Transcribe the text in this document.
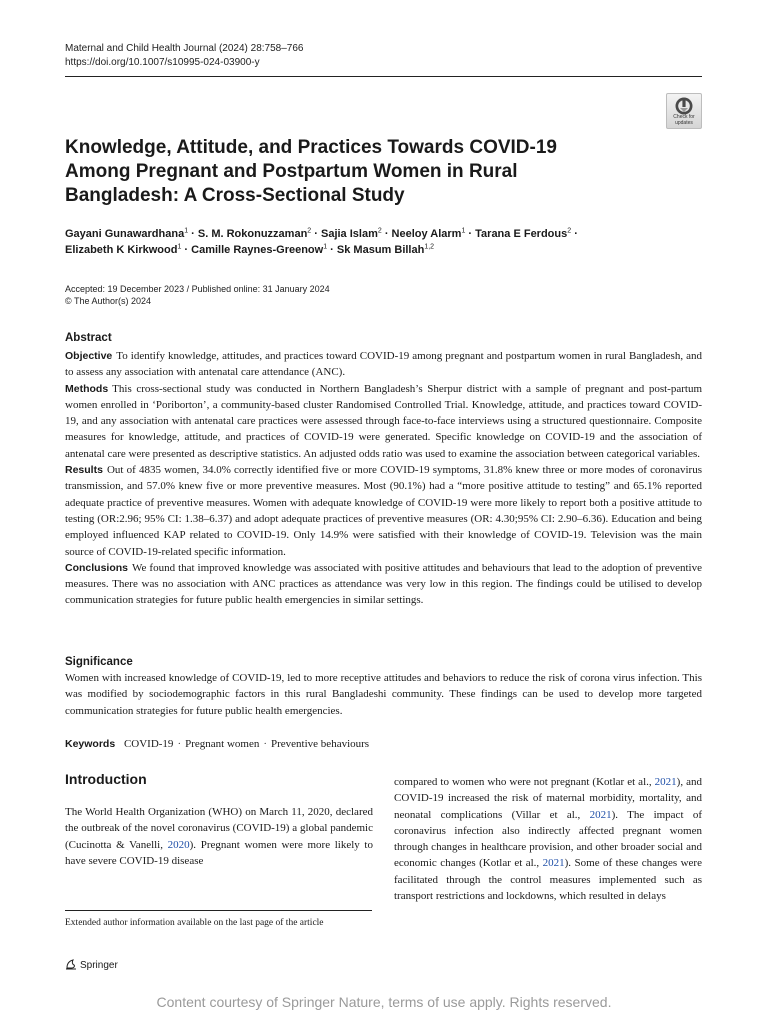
Maternal and Child Health Journal (2024) 28:758–766
https://doi.org/10.1007/s10995-024-03900-y
Check for
updates
Knowledge, Attitude, and Practices Towards COVID-19 Among Pregnant and Postpartum Women in Rural Bangladesh: A Cross-Sectional Study
Gayani Gunawardhana$^1$ · S. M. Rokonuzzaman$^2$ · Sajia Islam$^2$ · Neeloy Alarm$^1$ · Tarana E Ferdous$^2$ ·
Elizabeth K Kirkwood$^1$ · Camille Raynes-Greenow$^1$ · Sk Masum Billah$^{1,2}$
Accepted: 19 December 2023 / Published online: 31 January 2024
© The Author(s) 2024
Abstract

Objective To identify knowledge, attitudes, and practices toward COVID-19 among pregnant and postpartum women in rural Bangladesh, and to assess any association with antenatal care attendance (ANC).

Methods This cross-sectional study was conducted in Northern Bangladesh’s Sherpur district with a sample of pregnant and post-partum women enrolled in ‘Poriborton’, a community-based cluster Randomised Controlled Trial. Knowledge, attitude, and practices toward COVID-19, and any association with antenatal care practices were assessed through face-to-face interviews using a structured questionnaire. Composite measures for knowledge, attitude, and practices of COVID-19 were generated. Specific knowledge on COVID-19 and the association of antenatal care were presented as descriptive statistics. An adjusted odds ratio was used to examine the association between categorical variables.

Results Out of 4835 women, 34.0% correctly identified five or more COVID-19 symptoms, 31.8% knew three or more modes of coronavirus transmission, and 57.0% knew five or more preventive measures. Most (90.1%) had a “more positive attitude to testing” and 65.1% reported adequate practice of preventive measures. Women with adequate knowledge of COVID-19 were more likely to report both a positive attitude to testing (OR:2.96; 95% CI: 1.38–6.37) and adopt adequate practices of preventive measures (OR: 4.30;95% CI: 2.90–6.36). Education and being employed influenced KAP related to COVID-19. Only 14.9% were satisfied with their knowledge of COVID-19. Television was the main source of COVID-19-related specific information.

Conclusions We found that improved knowledge was associated with positive attitudes and behaviours that lead to the adoption of preventive measures. There was no association with ANC practices as attendance was very low in this region. The findings could be utilised to develop communication strategies for future public health emergencies in similar settings.

Significance

Women with increased knowledge of COVID-19, led to more receptive attitudes and behaviors to reduce the risk of corona virus infection. This was modified by sociodemographic factors in this rural Bangladeshi community. These findings can be used to develop more targeted communication strategies for future public health emergencies.

Keywords COVID-19 · Pregnant women · Preventive behaviours
Introduction

The World Health Organization (WHO) on March 11, 2020, declared the outbreak of the novel coronavirus (COVID-19) a global pandemic (Cucinotta & Vanelli, 2020). Pregnant women were more likely to have severe COVID-19 disease

compared to women who were not pregnant (Kotlar et al., 2021), and COVID-19 increased the risk of maternal morbidity, mortality, and neonatal complications (Villar et al., 2021). The impact of coronavirus infection also indirectly affected pregnant women through changes in healthcare provision, and other broader social and economic changes (Kotlar et al., 2021). Some of these changes were facilitated through the control measures implemented such as transport restrictions and lockdowns, which resulted in delays

Extended author information available on the last page of the article
Springer
Content courtesy of Springer Nature, terms of use apply. Rights reserved.
